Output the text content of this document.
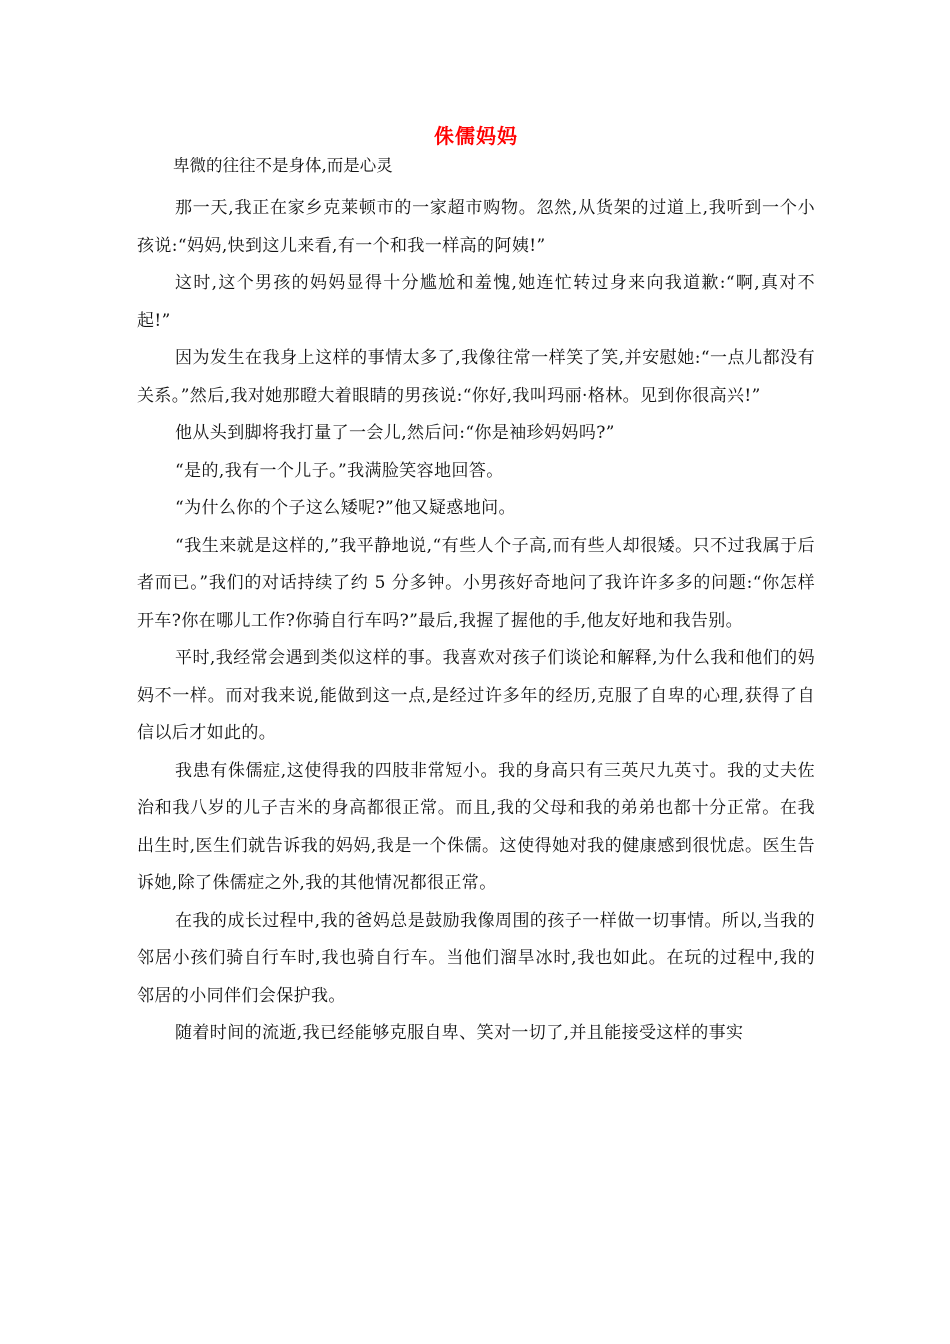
侏儒妈妈

卑微的往往不是身体,而是心灵

那一天,我正在家乡克莱顿市的一家超市购物。忽然,从货架的过道上,我听到一个小孩说:“妈妈,快到这儿来看,有一个和我一样高的阿姨!”

这时,这个男孩的妈妈显得十分尴尬和羞愧,她连忙转过身来向我道歉:“啊,真对不起!”

因为发生在我身上这样的事情太多了,我像往常一样笑了笑,并安慰她:“一点儿都没有关系。”然后,我对她那瞪大着眼睛的男孩说:“你好,我叫玛丽·格林。见到你很高兴!”

他从头到脚将我打量了一会儿,然后问:“你是袖珍妈妈吗?”

“是的,我有一个儿子。”我满脸笑容地回答。

“为什么你的个子这么矮呢?”他又疑惑地问。

“我生来就是这样的,”我平静地说,“有些人个子高,而有些人却很矮。只不过我属于后者而已。”我们的对话持续了约 5 分多钟。小男孩好奇地问了我许许多多的问题:“你怎样开车?你在哪儿工作?你骑自行车吗?”最后,我握了握他的手,他友好地和我告别。

平时,我经常会遇到类似这样的事。我喜欢对孩子们谈论和解释,为什么我和他们的妈妈不一样。而对我来说,能做到这一点,是经过许多年的经历,克服了自卑的心理,获得了自信以后才如此的。

我患有侏儒症,这使得我的四肢非常短小。我的身高只有三英尺九英寸。我的丈夫佐治和我八岁的儿子吉米的身高都很正常。而且,我的父母和我的弟弟也都十分正常。在我出生时,医生们就告诉我的妈妈,我是一个侏儒。这使得她对我的健康感到很忧虑。医生告诉她,除了侏儒症之外,我的其他情况都很正常。

在我的成长过程中,我的爸妈总是鼓励我像周围的孩子一样做一切事情。所以,当我的邻居小孩们骑自行车时,我也骑自行车。当他们溜旱冰时,我也如此。在玩的过程中,我的邻居的小同伴们会保护我。

随着时间的流逝,我已经能够克服自卑、笑对一切了,并且能接受这样的事实
